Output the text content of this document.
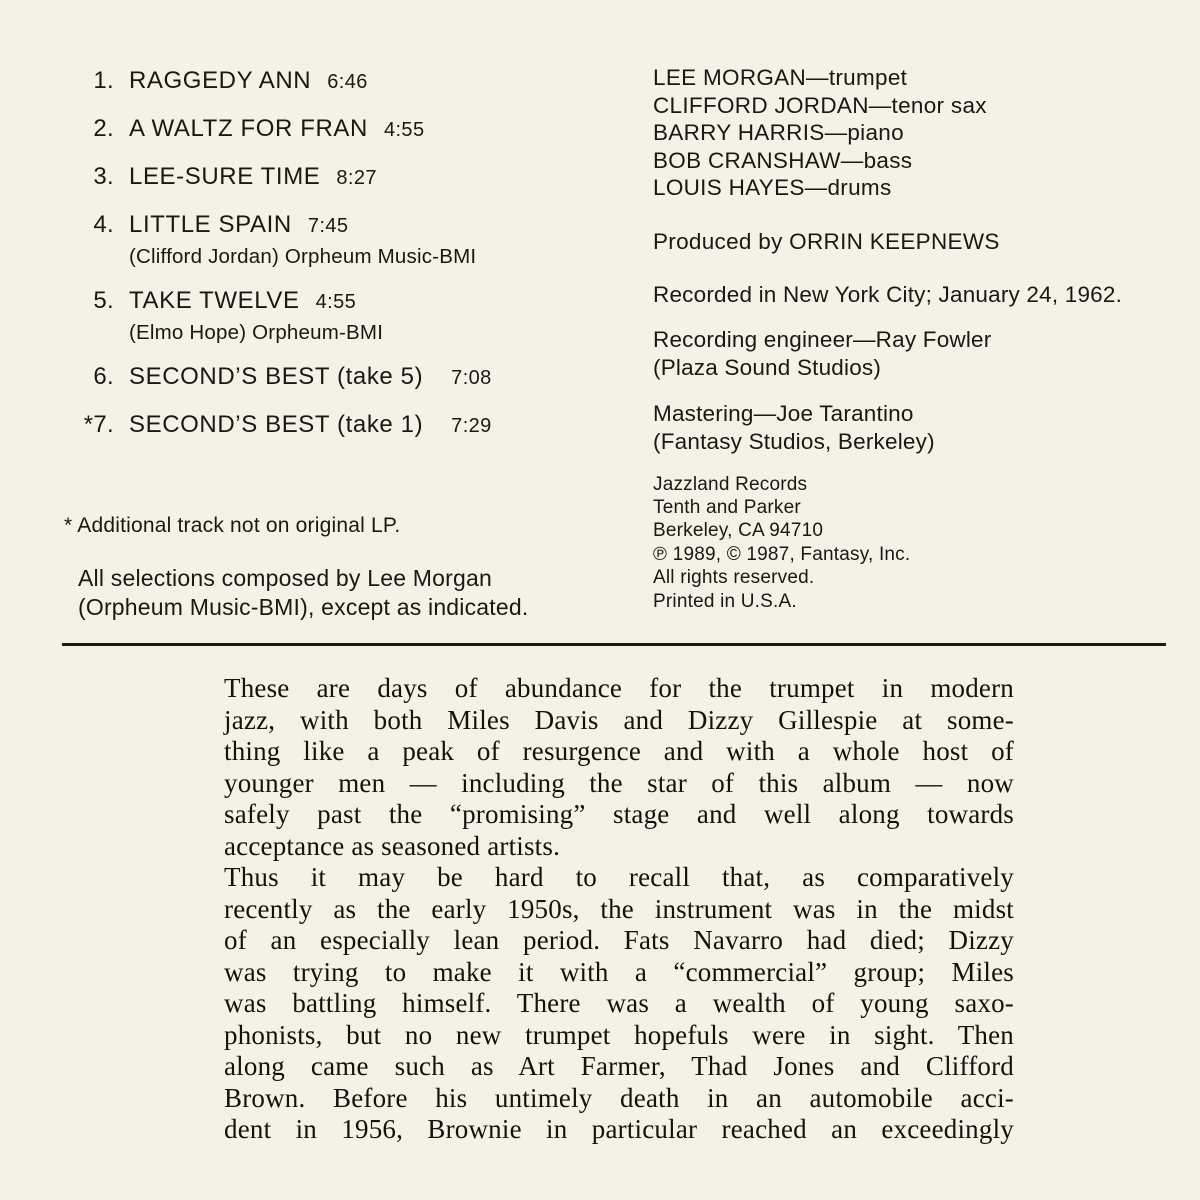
1. RAGGEDY ANN 6:46
2. A WALTZ FOR FRAN 4:55
3. LEE-SURE TIME 8:27
4. LITTLE SPAIN 7:45
(Clifford Jordan) Orpheum Music-BMI
5. TAKE TWELVE 4:55
(Elmo Hope) Orpheum-BMI
6. SECOND’S BEST (take 5) 7:08
*7. SECOND’S BEST (take 1) 7:29
* Additional track not on original LP.
All selections composed by Lee Morgan
(Orpheum Music-BMI), except as indicated.
LEE MORGAN—trumpet
CLIFFORD JORDAN—tenor sax
BARRY HARRIS—piano
BOB CRANSHAW—bass
LOUIS HAYES—drums
Produced by ORRIN KEEPNEWS
Recorded in New York City; January 24, 1962.
Recording engineer—Ray Fowler
(Plaza Sound Studios)
Mastering—Joe Tarantino
(Fantasy Studios, Berkeley)
Jazzland Records
Tenth and Parker
Berkeley, CA 94710
℗ 1989, © 1987, Fantasy, Inc.
All rights reserved.
Printed in U.S.A.
These are days of abundance for the trumpet in modern
jazz, with both Miles Davis and Dizzy Gillespie at some-
thing like a peak of resurgence and with a whole host of
younger men — including the star of this album — now
safely past the “promising” stage and well along towards
acceptance as seasoned artists.
Thus it may be hard to recall that, as comparatively
recently as the early 1950s, the instrument was in the midst
of an especially lean period. Fats Navarro had died; Dizzy
was trying to make it with a “commercial” group; Miles
was battling himself. There was a wealth of young saxo-
phonists, but no new trumpet hopefuls were in sight. Then
along came such as Art Farmer, Thad Jones and Clifford
Brown. Before his untimely death in an automobile acci-
dent in 1956, Brownie in particular reached an exceedingly
